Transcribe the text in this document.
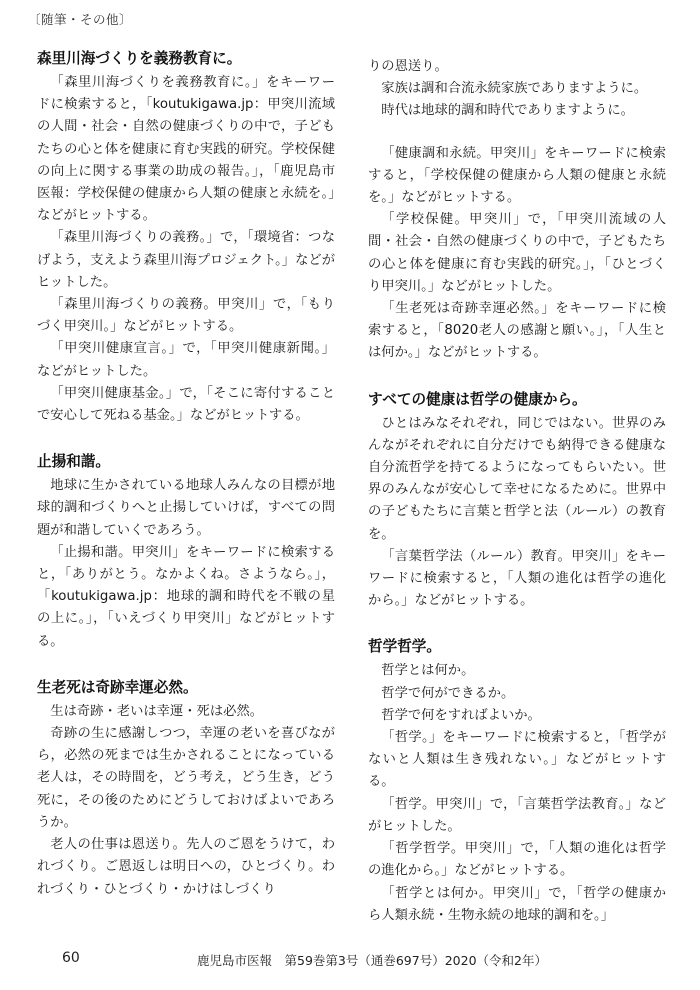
〔随筆・その他〕
森里川海づくりを義務教育に。

「森里川海づくりを義務教育に。」をキーワードに検索すると，「koutukigawa.jp：甲突川流域の人間・社会・自然の健康づくりの中で，子どもたちの心と体を健康に育む実践的研究。学校保健の向上に関する事業の助成の報告。」，「鹿児島市医報：学校保健の健康から人類の健康と永続を。」などがヒットする。

「森里川海づくりの義務。」で，「環境省：つなげよう，支えよう森里川海プロジェクト。」などがヒットした。

「森里川海づくりの義務。甲突川」で，「もりづく甲突川。」などがヒットする。

「甲突川健康宣言。」で，「甲突川健康新聞。」などがヒットした。

「甲突川健康基金。」で，「そこに寄付することで安心して死ねる基金。」などがヒットする。

止揚和諧。

地球に生かされている地球人みんなの目標が地球的調和づくりへと止揚していけば，すべての問題が和諧していくであろう。

「止揚和諧。甲突川」をキーワードに検索すると，「ありがとう。なかよくね。さようなら。」，「koutukigawa.jp：地球的調和時代を不戦の星の上に。」，「いえづくり甲突川」などがヒットする。

生老死は奇跡幸運必然。

生は奇跡・老いは幸運・死は必然。

奇跡の生に感謝しつつ，幸運の老いを喜びながら，必然の死までは生かされることになっている老人は，その時間を，どう考え，どう生き，どう死に，その後のためにどうしておけばよいであろうか。

老人の仕事は恩送り。先人のご恩をうけて，われづくり。ご恩返しは明日への，ひとづくり。われづくり・ひとづくり・かけはしづくり

りの恩送り。

家族は調和合流永続家族でありますように。

時代は地球的調和時代でありますように。

「健康調和永続。甲突川」をキーワードに検索すると，「学校保健の健康から人類の健康と永続を。」などがヒットする。

「学校保健。甲突川」で，「甲突川流域の人間・社会・自然の健康づくりの中で，子どもたちの心と体を健康に育む実践的研究。」，「ひとづくり甲突川。」などがヒットした。

「生老死は奇跡幸運必然。」をキーワードに検索すると，「8020老人の感謝と願い。」，「人生とは何か。」などがヒットする。

すべての健康は哲学の健康から。

ひとはみなそれぞれ，同じではない。世界のみんながそれぞれに自分だけでも納得できる健康な自分流哲学を持てるようになってもらいたい。世界のみんなが安心して幸せになるために。世界中の子どもたちに言葉と哲学と法（ルール）の教育を。

「言葉哲学法（ルール）教育。甲突川」をキーワードに検索すると，「人類の進化は哲学の進化から。」などがヒットする。

哲学哲学。

哲学とは何か。

哲学で何ができるか。

哲学で何をすればよいか。

「哲学。」をキーワードに検索すると，「哲学がないと人類は生き残れない。」などがヒットする。

「哲学。甲突川」で，「言葉哲学法教育。」などがヒットした。

「哲学哲学。甲突川」で，「人類の進化は哲学の進化から。」などがヒットする。

「哲学とは何か。甲突川」で，「哲学の健康から人類永続・生物永続の地球的調和を。」

60	鹿児島市医報　第59巻第3号（通巻697号）2020（令和2年）
